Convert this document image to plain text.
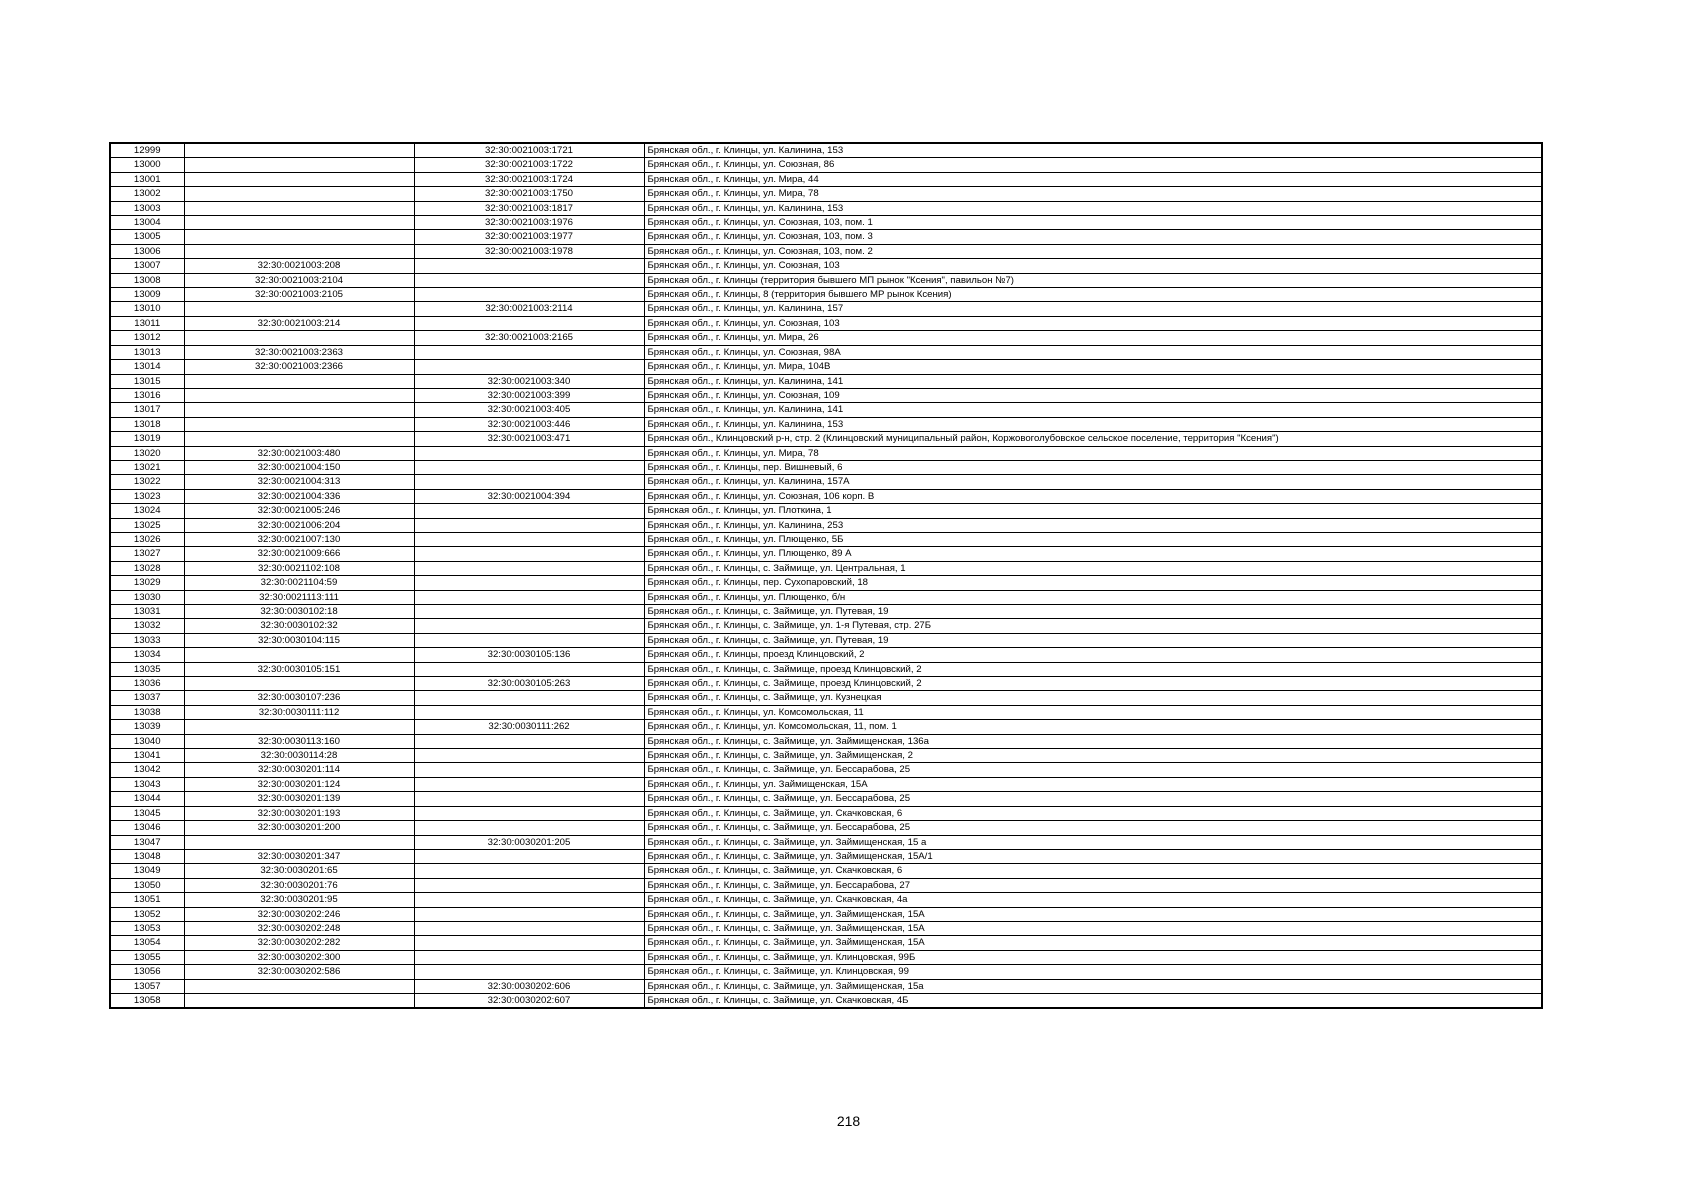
12999		32:30:0021003:1721	Брянская обл., г. Клинцы, ул. Калинина, 153
13000		32:30:0021003:1722	Брянская обл., г. Клинцы, ул. Союзная, 86
13001		32:30:0021003:1724	Брянская обл., г. Клинцы, ул. Мира, 44
13002		32:30:0021003:1750	Брянская обл., г. Клинцы, ул. Мира, 78
13003		32:30:0021003:1817	Брянская обл., г. Клинцы, ул. Калинина, 153
13004		32:30:0021003:1976	Брянская обл., г. Клинцы, ул. Союзная, 103, пом. 1
13005		32:30:0021003:1977	Брянская обл., г. Клинцы, ул. Союзная, 103, пом. 3
13006		32:30:0021003:1978	Брянская обл., г. Клинцы, ул. Союзная, 103, пом. 2
13007	32:30:0021003:208		Брянская обл., г. Клинцы, ул. Союзная, 103
13008	32:30:0021003:2104		Брянская обл., г. Клинцы (территория бывшего МП рынок "Ксения", павильон №7)
13009	32:30:0021003:2105		Брянская обл., г. Клинцы, 8 (территория бывшего МР рынок Ксения)
13010		32:30:0021003:2114	Брянская обл., г. Клинцы, ул. Калинина, 157
13011	32:30:0021003:214		Брянская обл., г. Клинцы, ул. Союзная, 103
13012		32:30:0021003:2165	Брянская обл., г. Клинцы, ул. Мира, 26
13013	32:30:0021003:2363		Брянская обл., г. Клинцы, ул. Союзная, 98А
13014	32:30:0021003:2366		Брянская обл., г. Клинцы, ул. Мира, 104В
13015		32:30:0021003:340	Брянская обл., г. Клинцы, ул. Калинина, 141
13016		32:30:0021003:399	Брянская обл., г. Клинцы, ул. Союзная, 109
13017		32:30:0021003:405	Брянская обл., г. Клинцы, ул. Калинина, 141
13018		32:30:0021003:446	Брянская обл., г. Клинцы, ул. Калинина, 153
13019		32:30:0021003:471	Брянская обл., Клинцовский р-н, стр. 2 (Клинцовский муниципальный район, Коржовоголубовское сельское поселение, территория "Ксения")
13020	32:30:0021003:480		Брянская обл., г. Клинцы, ул. Мира, 78
13021	32:30:0021004:150		Брянская обл., г. Клинцы, пер. Вишневый, 6
13022	32:30:0021004:313		Брянская обл., г. Клинцы, ул. Калинина, 157А
13023	32:30:0021004:336	32:30:0021004:394	Брянская обл., г. Клинцы, ул. Союзная, 106 корп. В
13024	32:30:0021005:246		Брянская обл., г. Клинцы, ул. Плоткина, 1
13025	32:30:0021006:204		Брянская обл., г. Клинцы, ул. Калинина, 253
13026	32:30:0021007:130		Брянская обл., г. Клинцы, ул. Плющенко, 5Б
13027	32:30:0021009:666		Брянская обл., г. Клинцы, ул. Плющенко, 89 А
13028	32:30:0021102:108		Брянская обл., г. Клинцы, с. Займище, ул. Центральная, 1
13029	32:30:0021104:59		Брянская обл., г. Клинцы, пер. Сухопаровский, 18
13030	32:30:0021113:111		Брянская обл., г. Клинцы, ул. Плющенко, б/н
13031	32:30:0030102:18		Брянская обл., г. Клинцы, с. Займище, ул. Путевая, 19
13032	32:30:0030102:32		Брянская обл., г. Клинцы, с. Займище, ул. 1-я Путевая, стр. 27Б
13033	32:30:0030104:115		Брянская обл., г. Клинцы, с. Займище, ул. Путевая, 19
13034		32:30:0030105:136	Брянская обл., г. Клинцы, проезд Клинцовский, 2
13035	32:30:0030105:151		Брянская обл., г. Клинцы, с. Займище, проезд Клинцовский, 2
13036		32:30:0030105:263	Брянская обл., г. Клинцы, с. Займище, проезд Клинцовский, 2
13037	32:30:0030107:236		Брянская обл., г. Клинцы, с. Займище, ул. Кузнецкая
13038	32:30:0030111:112		Брянская обл., г. Клинцы, ул. Комсомольская, 11
13039		32:30:0030111:262	Брянская обл., г. Клинцы, ул. Комсомольская, 11, пом. 1
13040	32:30:0030113:160		Брянская обл., г. Клинцы, с. Займище, ул. Займищенская, 136а
13041	32:30:0030114:28		Брянская обл., г. Клинцы, с. Займище, ул. Займищенская, 2
13042	32:30:0030201:114		Брянская обл., г. Клинцы, с. Займище, ул. Бессарабова, 25
13043	32:30:0030201:124		Брянская обл., г. Клинцы, ул. Займищенская, 15А
13044	32:30:0030201:139		Брянская обл., г. Клинцы, с. Займище, ул. Бессарабова, 25
13045	32:30:0030201:193		Брянская обл., г. Клинцы, с. Займище, ул. Скачковская, 6
13046	32:30:0030201:200		Брянская обл., г. Клинцы, с. Займище, ул. Бессарабова, 25
13047		32:30:0030201:205	Брянская обл., г. Клинцы, с. Займище, ул. Займищенская, 15 а
13048	32:30:0030201:347		Брянская обл., г. Клинцы, с. Займище, ул. Займищенская, 15А/1
13049	32:30:0030201:65		Брянская обл., г. Клинцы, с. Займище, ул. Скачковская, 6
13050	32:30:0030201:76		Брянская обл., г. Клинцы, с. Займище, ул. Бессарабова, 27
13051	32:30:0030201:95		Брянская обл., г. Клинцы, с. Займище, ул. Скачковская, 4а
13052	32:30:0030202:246		Брянская обл., г. Клинцы, с. Займище, ул. Займищенская, 15А
13053	32:30:0030202:248		Брянская обл., г. Клинцы, с. Займище, ул. Займищенская, 15А
13054	32:30:0030202:282		Брянская обл., г. Клинцы, с. Займище, ул. Займищенская, 15А
13055	32:30:0030202:300		Брянская обл., г. Клинцы, с. Займище, ул. Клинцовская, 99Б
13056	32:30:0030202:586		Брянская обл., г. Клинцы, с. Займище, ул. Клинцовская, 99
13057		32:30:0030202:606	Брянская обл., г. Клинцы, с. Займище, ул. Займищенская, 15а
13058		32:30:0030202:607	Брянская обл., г. Клинцы, с. Займище, ул. Скачковская, 4Б
218
